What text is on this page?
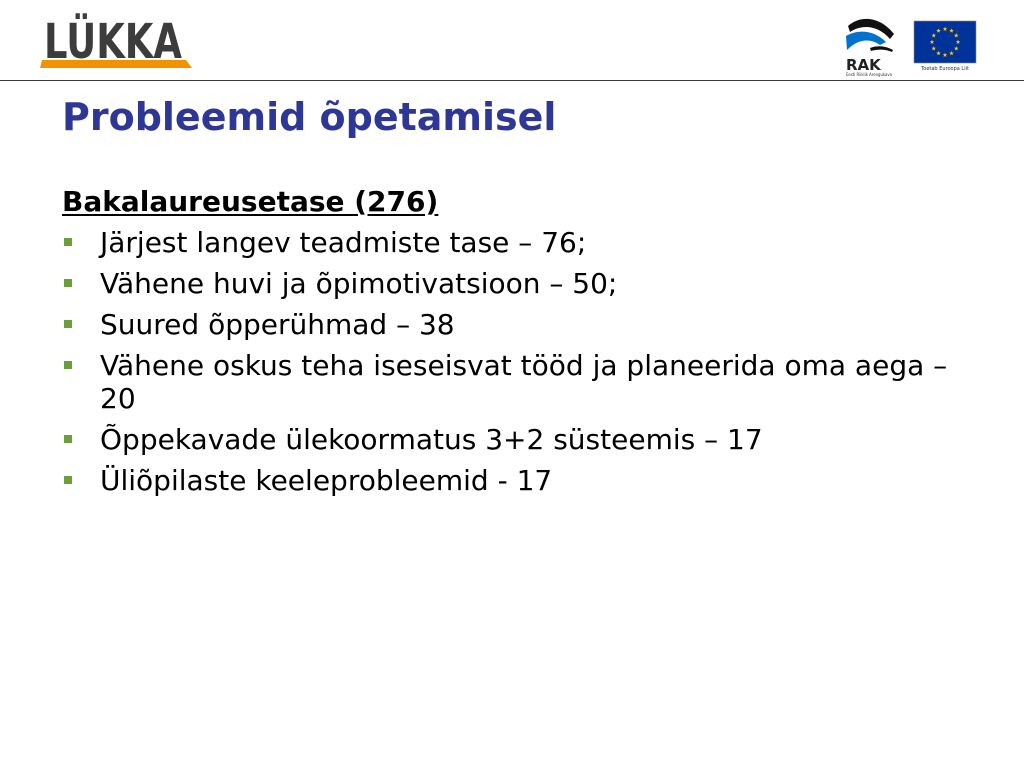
LÜKKA	RAK
Eesti Riiklik Arengukava
Toetab Euroopa Liit
Probleemid õpetamisel

Bakalaureusetase (276)

Järjest langev teadmiste tase – 76;
Vähene huvi ja õpimotivatsioon – 50;
Suured õpperühmad – 38
Vähene oskus teha iseseisvat tööd ja planeerida oma aega – 20
Õppekavade ülekoormatus 3+2 süsteemis – 17
Üliõpilaste keeleprobleemid - 17
